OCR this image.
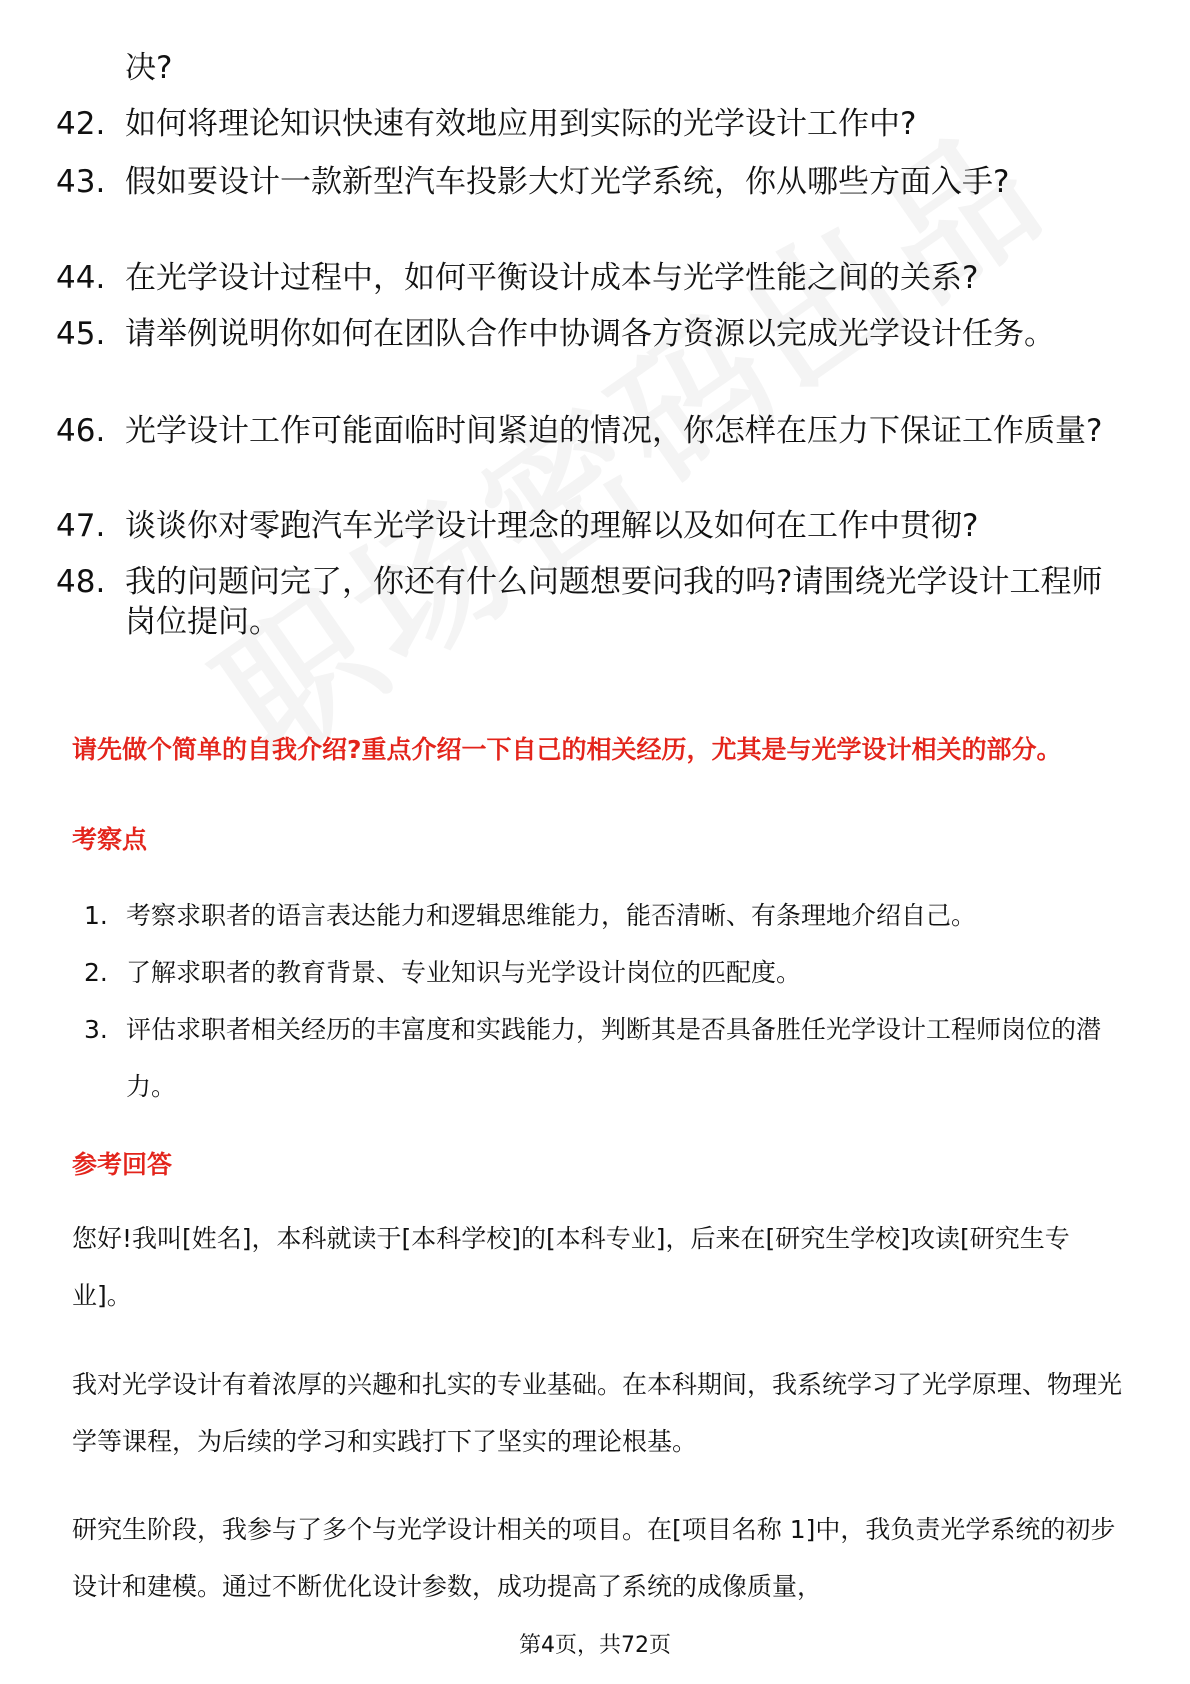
决?
42. 如何将理论知识快速有效地应用到实际的光学设计工作中?
43. 假如要设计一款新型汽车投影大灯光学系统，你从哪些方面入手?
44. 在光学设计过程中，如何平衡设计成本与光学性能之间的关系?
45. 请举例说明你如何在团队合作中协调各方资源以完成光学设计任务。
46. 光学设计工作可能面临时间紧迫的情况，你怎样在压力下保证工作质量?
47. 谈谈你对零跑汽车光学设计理念的理解以及如何在工作中贯彻?
48. 我的问题问完了，你还有什么问题想要问我的吗?请围绕光学设计工程师岗位提问。
请先做个简单的自我介绍?重点介绍一下自己的相关经历，尤其是与光学设计相关的部分。
考察点
1. 考察求职者的语言表达能力和逻辑思维能力，能否清晰、有条理地介绍自己。
2. 了解求职者的教育背景、专业知识与光学设计岗位的匹配度。
3. 评估求职者相关经历的丰富度和实践能力，判断其是否具备胜任光学设计工程师岗位的潜力。
参考回答
您好!我叫[姓名]，本科就读于[本科学校]的[本科专业]，后来在[研究生学校]攻读[研究生专业]。
我对光学设计有着浓厚的兴趣和扎实的专业基础。在本科期间，我系统学习了光学原理、物理光学等课程，为后续的学习和实践打下了坚实的理论根基。
研究生阶段，我参与了多个与光学设计相关的项目。在[项目名称 1]中，我负责光学系统的初步设计和建模。通过不断优化设计参数，成功提高了系统的成像质量，
第4页，共72页
